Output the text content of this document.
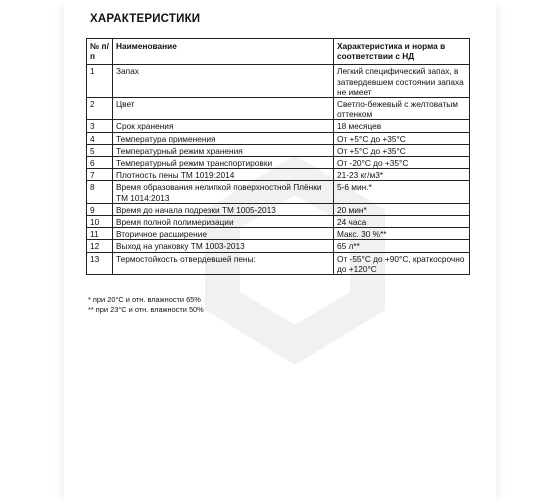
ХАРАКТЕРИСТИКИ
№ п/п	Наименование	Характеристика и норма в соответствии с НД
1	Запах	Легкий специфический запах, в затвердевшем состоянии запаха не имеет
2	Цвет	Светло-бежевый с желтоватым оттенком
3	Срок хранения	18 месяцев
4	Температура применения	От +5°С до +35°С
5	Температурный режим хранения	От +5°С до +35°С
6	Температурный режим транспортировки	От -20°С до +35°С
7	Плотность пены ТМ 1019:2014	21-23 кг/м3*
8	Время образования нелипкой поверхностной Плёнки ТМ 1014:2013	5-6 мин.*
9	Время до начала подрезки ТМ 1005-2013	20 мин*
10	Время полной полимеризации	24 часа
11	Вторичное расширение	Макс. 30 %**
12	Выход на упаковку ТМ 1003-2013	65 л**
13	Термостойкость отвердевшей пены:	От -55°С до +90°С, краткосрочно до +120°С
* при 20°С и отн. влажности 65%
** при 23°С и отн. влажности 50%
